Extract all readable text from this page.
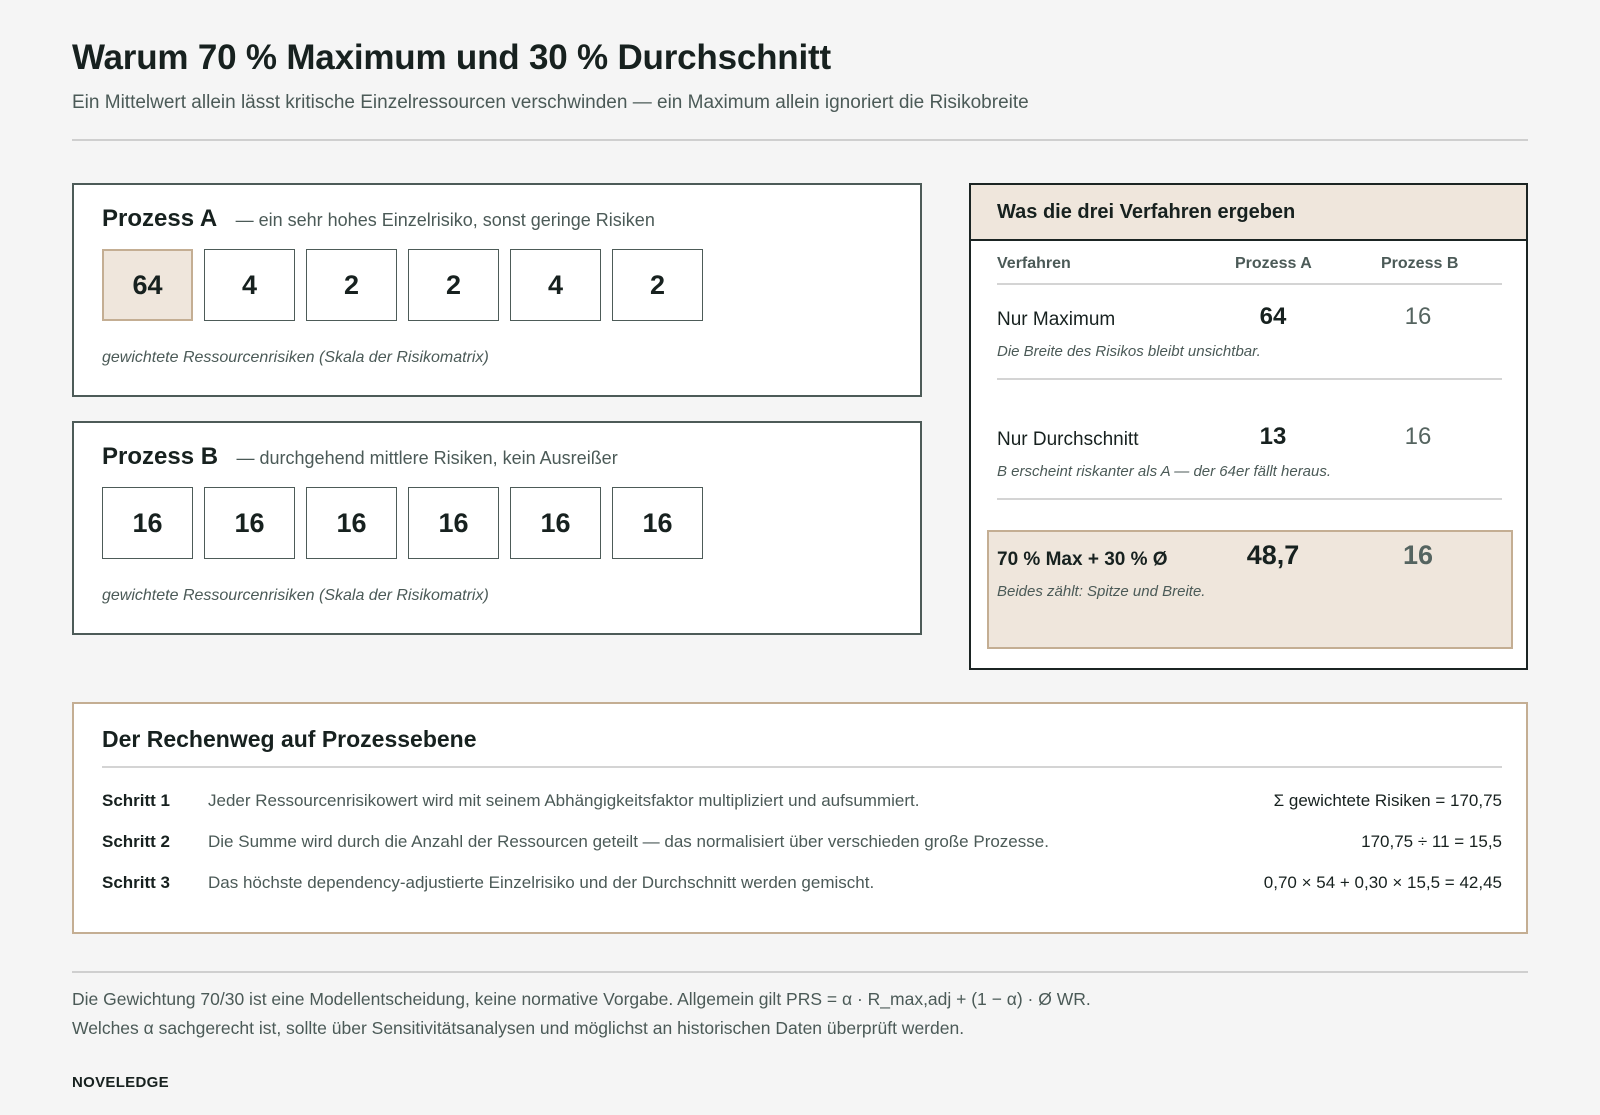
Warum 70 % Maximum und 30 % Durchschnitt
Ein Mittelwert allein lässt kritische Einzelressourcen verschwinden — ein Maximum allein ignoriert die Risikobreite
Prozess A — ein sehr hohes Einzelrisiko, sonst geringe Risiken
64	4	2	2	4	2
gewichtete Ressourcenrisiken (Skala der Risikomatrix)
Prozess B — durchgehend mittlere Risiken, kein Ausreißer
16	16	16	16	16	16
gewichtete Ressourcenrisiken (Skala der Risikomatrix)
Was die drei Verfahren ergeben
Verfahren	Prozess A	Prozess B
Nur Maximum	64	16
Die Breite des Risikos bleibt unsichtbar.
Nur Durchschnitt	13	16
B erscheint riskanter als A — der 64er fällt heraus.
70 % Max + 30 % Ø	48,7	16
Beides zählt: Spitze und Breite.
Der Rechenweg auf Prozessebene
Schritt 1 Jeder Ressourcenrisikowert wird mit seinem Abhängigkeitsfaktor multipliziert und aufsummiert.	Σ gewichtete Risiken = 170,75
Schritt 2 Die Summe wird durch die Anzahl der Ressourcen geteilt — das normalisiert über verschieden große Prozesse.	170,75 ÷ 11 = 15,5
Schritt 3 Das höchste dependency-adjustierte Einzelrisiko und der Durchschnitt werden gemischt.	0,70 × 54 + 0,30 × 15,5 = 42,45
Die Gewichtung 70/30 ist eine Modellentscheidung, keine normative Vorgabe. Allgemein gilt PRS = α · R_max,adj + (1 − α) · Ø WR.
Welches α sachgerecht ist, sollte über Sensitivitätsanalysen und möglichst an historischen Daten überprüft werden.
NOVELEDGE
